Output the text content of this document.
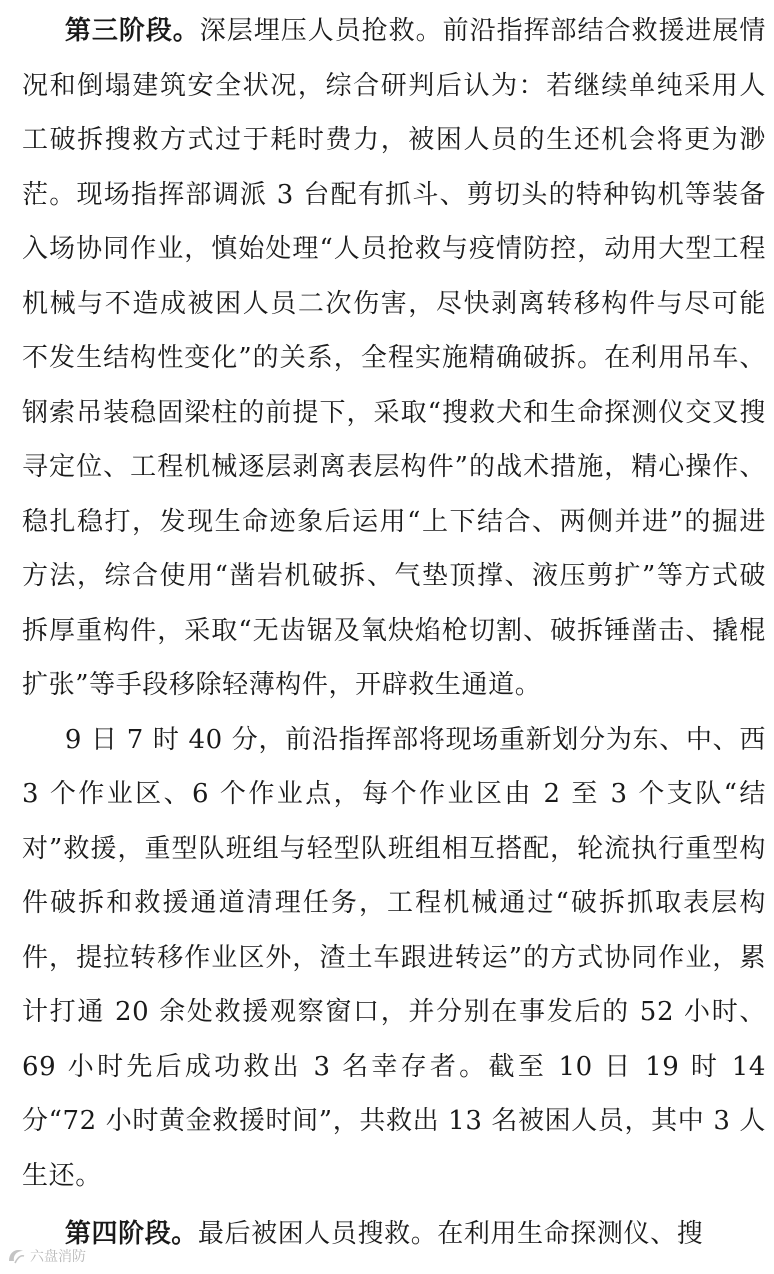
第三阶段。深层埋压人员抢救。前沿指挥部结合救援进展情况和倒塌建筑安全状况，综合研判后认为：若继续单纯采用人工破拆搜救方式过于耗时费力，被困人员的生还机会将更为渺茫。现场指挥部调派 3 台配有抓斗、剪切头的特种钩机等装备入场协同作业，慎始处理“人员抢救与疫情防控，动用大型工程机械与不造成被困人员二次伤害，尽快剥离转移构件与尽可能不发生结构性变化”的关系，全程实施精确破拆。在利用吊车、钢索吊装稳固梁柱的前提下，采取“搜救犬和生命探测仪交叉搜寻定位、工程机械逐层剥离表层构件”的战术措施，精心操作、稳扎稳打，发现生命迹象后运用“上下结合、两侧并进”的掘进方法，综合使用“凿岩机破拆、气垫顶撑、液压剪扩”等方式破拆厚重构件，采取“无齿锯及氧炔焰枪切割、破拆锤凿击、撬棍扩张”等手段移除轻薄构件，开辟救生通道。

9 日 7 时 40 分，前沿指挥部将现场重新划分为东、中、西 3 个作业区、6 个作业点，每个作业区由 2 至 3 个支队“结对”救援，重型队班组与轻型队班组相互搭配，轮流执行重型构件破拆和救援通道清理任务，工程机械通过“破拆抓取表层构件，提拉转移作业区外，渣土车跟进转运”的方式协同作业，累计打通 20 余处救援观察窗口，并分别在事发后的 52 小时、69 小时先后成功救出 3 名幸存者。截至 10 日 19 时 14 分“72 小时黄金救援时间”，共救出 13 名被困人员，其中 3 人生还。

第四阶段。最后被困人员搜救。在利用生命探测仪、搜

六盘消防
